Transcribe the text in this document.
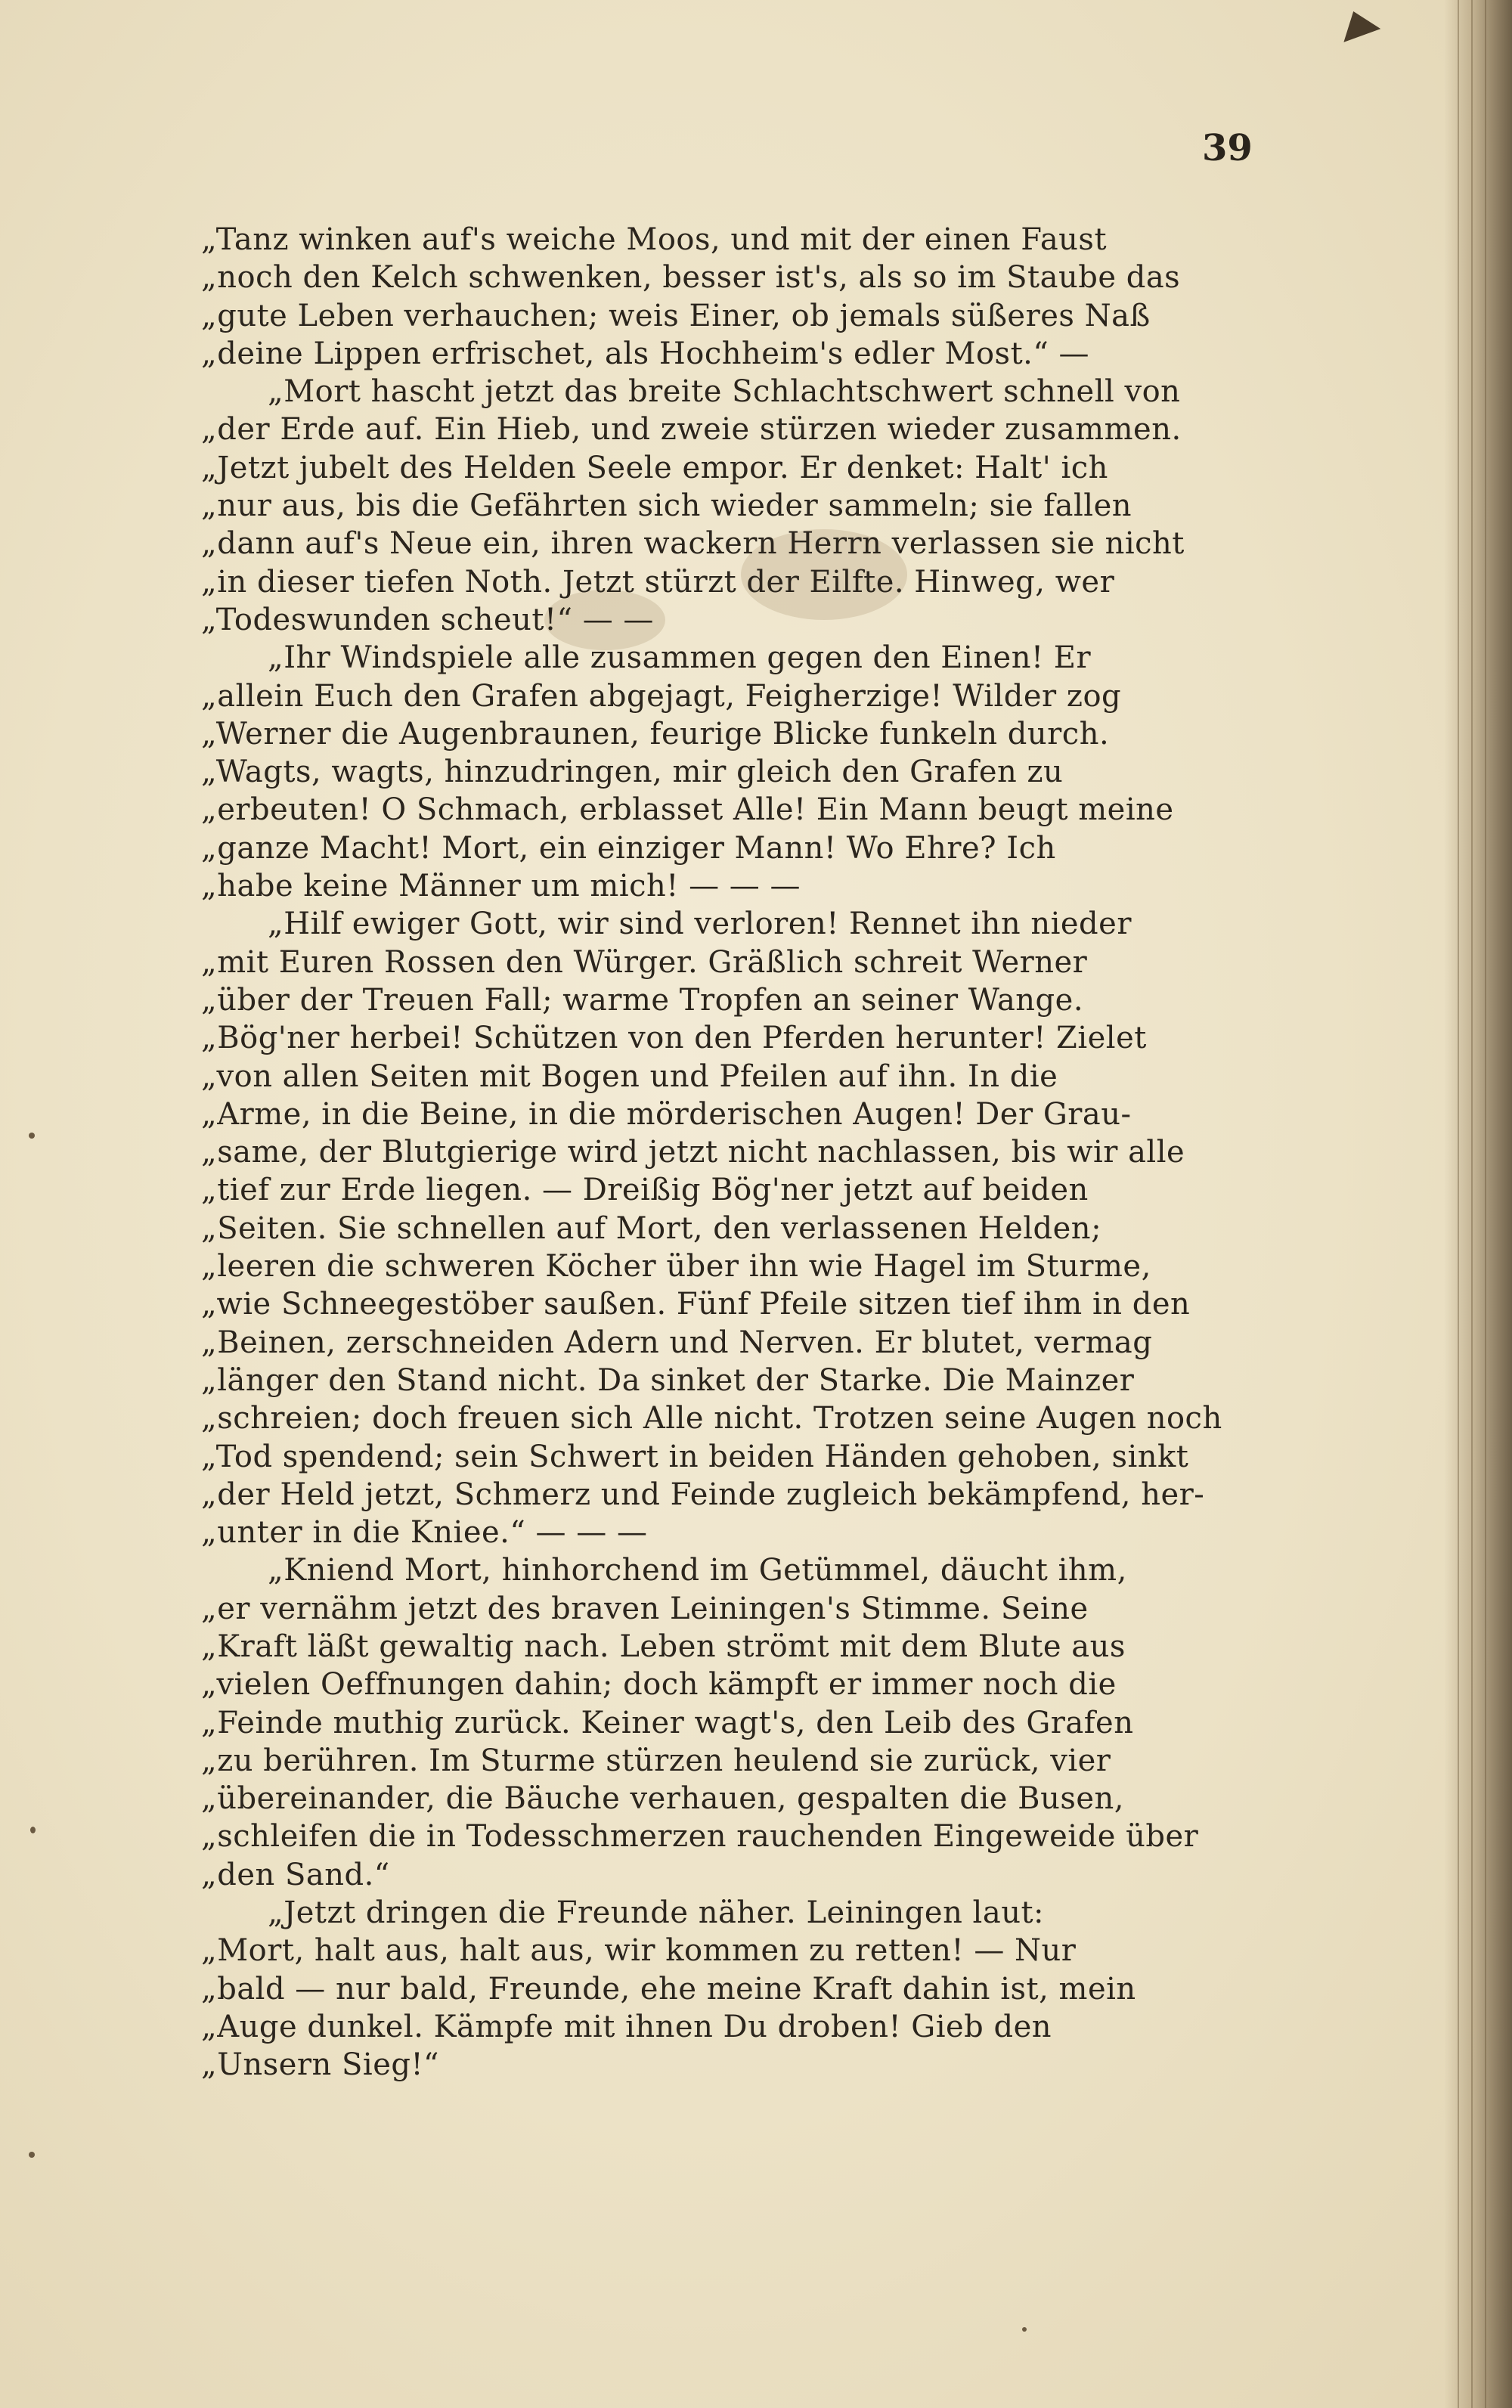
39
„Tanz winken auf's weiche Moos, und mit der einen Faust
„noch den Kelch schwenken, besser ist's, als so im Staube das
„gute Leben verhauchen; weis Einer, ob jemals süßeres Naß
„deine Lippen erfrischet, als Hochheim's edler Most.“ —
„Mort hascht jetzt das breite Schlachtschwert schnell von
„der Erde auf. Ein Hieb, und zweie stürzen wieder zusammen.
„Jetzt jubelt des Helden Seele empor. Er denket: Halt' ich
„nur aus, bis die Gefährten sich wieder sammeln; sie fallen
„dann auf's Neue ein, ihren wackern Herrn verlassen sie nicht
„in dieser tiefen Noth. Jetzt stürzt der Eilfte. Hinweg, wer
„Todeswunden scheut!“ — —
„Ihr Windspiele alle zusammen gegen den Einen! Er
„allein Euch den Grafen abgejagt, Feigherzige! Wilder zog
„Werner die Augenbraunen, feurige Blicke funkeln durch.
„Wagts, wagts, hinzudringen, mir gleich den Grafen zu
„erbeuten! O Schmach, erblasset Alle! Ein Mann beugt meine
„ganze Macht! Mort, ein einziger Mann! Wo Ehre? Ich
„habe keine Männer um mich! — — —
„Hilf ewiger Gott, wir sind verloren! Rennet ihn nieder
„mit Euren Rossen den Würger. Gräßlich schreit Werner
„über der Treuen Fall; warme Tropfen an seiner Wange.
„Bög'ner herbei! Schützen von den Pferden herunter! Zielet
„von allen Seiten mit Bogen und Pfeilen auf ihn. In die
„Arme, in die Beine, in die mörderischen Augen! Der Grau-
„same, der Blutgierige wird jetzt nicht nachlassen, bis wir alle
„tief zur Erde liegen. — Dreißig Bög'ner jetzt auf beiden
„Seiten. Sie schnellen auf Mort, den verlassenen Helden;
„leeren die schweren Köcher über ihn wie Hagel im Sturme,
„wie Schneegestöber saußen. Fünf Pfeile sitzen tief ihm in den
„Beinen, zerschneiden Adern und Nerven. Er blutet, vermag
„länger den Stand nicht. Da sinket der Starke. Die Mainzer
„schreien; doch freuen sich Alle nicht. Trotzen seine Augen noch
„Tod spendend; sein Schwert in beiden Händen gehoben, sinkt
„der Held jetzt, Schmerz und Feinde zugleich bekämpfend, her-
„unter in die Kniee.“ — — —
„Kniend Mort, hinhorchend im Getümmel, däucht ihm,
„er vernähm jetzt des braven Leiningen's Stimme. Seine
„Kraft läßt gewaltig nach. Leben strömt mit dem Blute aus
„vielen Oeffnungen dahin; doch kämpft er immer noch die
„Feinde muthig zurück. Keiner wagt's, den Leib des Grafen
„zu berühren. Im Sturme stürzen heulend sie zurück, vier
„übereinander, die Bäuche verhauen, gespalten die Busen,
„schleifen die in Todesschmerzen rauchenden Eingeweide über
„den Sand.“
„Jetzt dringen die Freunde näher. Leiningen laut:
„Mort, halt aus, halt aus, wir kommen zu retten! — Nur
„bald — nur bald, Freunde, ehe meine Kraft dahin ist, mein
„Auge dunkel. Kämpfe mit ihnen Du droben! Gieb den
„Unsern Sieg!“
